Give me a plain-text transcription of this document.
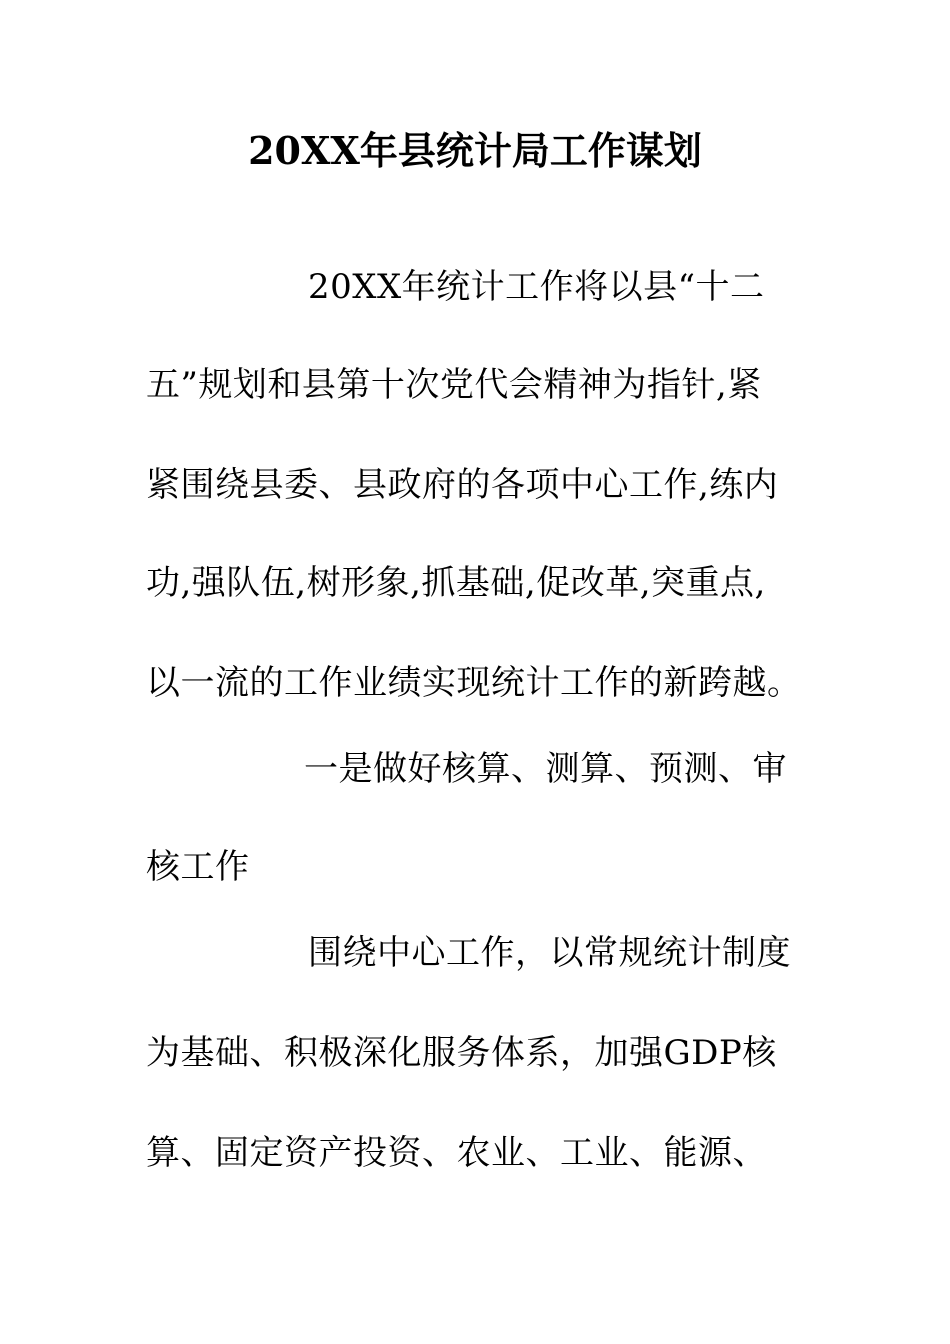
20XX年县统计局工作谋划
20XX年统计工作将以县“十二
五”规划和县第十次党代会精神为指针,紧
紧围绕县委、县政府的各项中心工作,练内
功,强队伍,树形象,抓基础,促改革,突重点,
以一流的工作业绩实现统计工作的新跨越。
一是做好核算、测算、预测、审
核工作
围绕中心工作，以常规统计制度
为基础、积极深化服务体系，加强GDP核
算、固定资产投资、农业、工业、能源、
